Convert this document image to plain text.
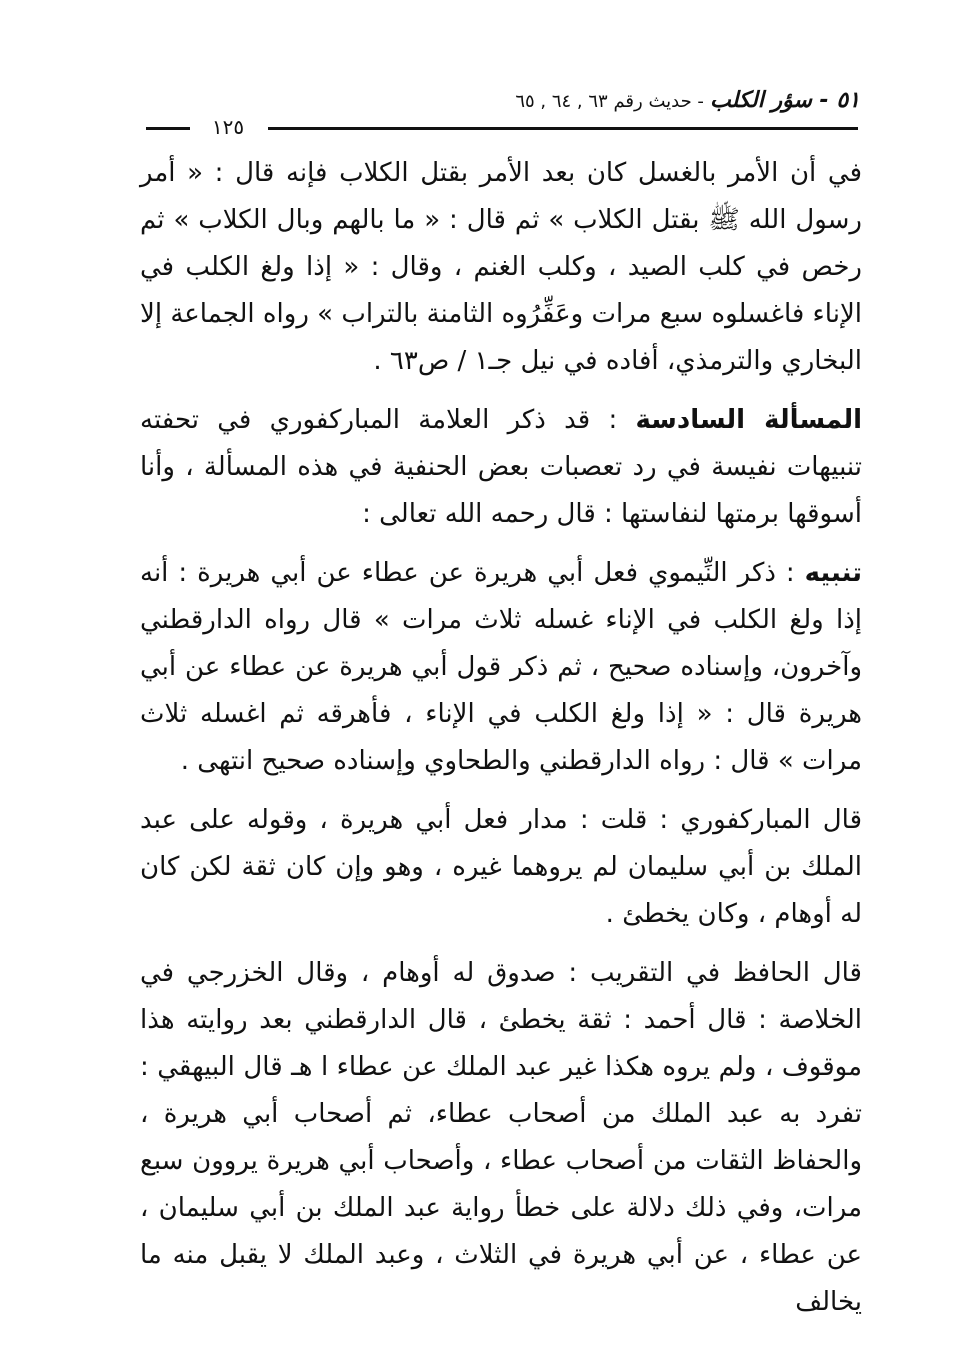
٥١ - سؤر الكلب - حديث رقم ٦٣ , ٦٤ , ٦٥
١٢٥

في أن الأمر بالغسل كان بعد الأمر بقتل الكلاب فإنه قال : « أمر رسول الله ﷺ بقتل الكلاب » ثم قال : « ما بالهم وبال الكلاب » ثم رخص في كلب الصيد ، وكلب الغنم ، وقال : « إذا ولغ الكلب في الإناء فاغسلوه سبع مرات وعَفِّرُوه الثامنة بالتراب » رواه الجماعة إلا البخاري والترمذي، أفاده في نيل جـ١ / ص٦٣ .

المسألة السادسة : قد ذكر العلامة المباركفوري في تحفته تنبيهات نفيسة في رد تعصبات بعض الحنفية في هذه المسألة ، وأنا أسوقها برمتها لنفاستها : قال رحمه الله تعالى :

تنبيه : ذكر النِّيموي فعل أبي هريرة عن عطاء عن أبي هريرة : أنه إذا ولغ الكلب في الإناء غسله ثلاث مرات » قال رواه الدارقطني وآخرون، وإسناده صحيح ، ثم ذكر قول أبي هريرة عن عطاء عن أبي هريرة قال : « إذا ولغ الكلب في الإناء ، فأهرقه ثم اغسله ثلاث مرات » قال : رواه الدارقطني والطحاوي وإسناده صحيح انتهى .

قال المباركفوري : قلت : مدار فعل أبي هريرة ، وقوله على عبد الملك بن أبي سليمان لم يروهما غيره ، وهو وإن كان ثقة لكن كان له أوهام ، وكان يخطئ .

قال الحافظ في التقريب : صدوق له أوهام ، وقال الخزرجي في الخلاصة : قال أحمد : ثقة يخطئ ، قال الدارقطني بعد روايته هذا موقوف ، ولم يروه هكذا غير عبد الملك عن عطاء ا هـ قال البيهقي : تفرد به عبد الملك من أصحاب عطاء، ثم أصحاب أبي هريرة ، والحفاظ الثقات من أصحاب عطاء ، وأصحاب أبي هريرة يروون سبع مرات، وفي ذلك دلالة على خطأ رواية عبد الملك بن أبي سليمان ، عن عطاء ، عن أبي هريرة في الثلاث ، وعبد الملك لا يقبل منه ما يخالف
